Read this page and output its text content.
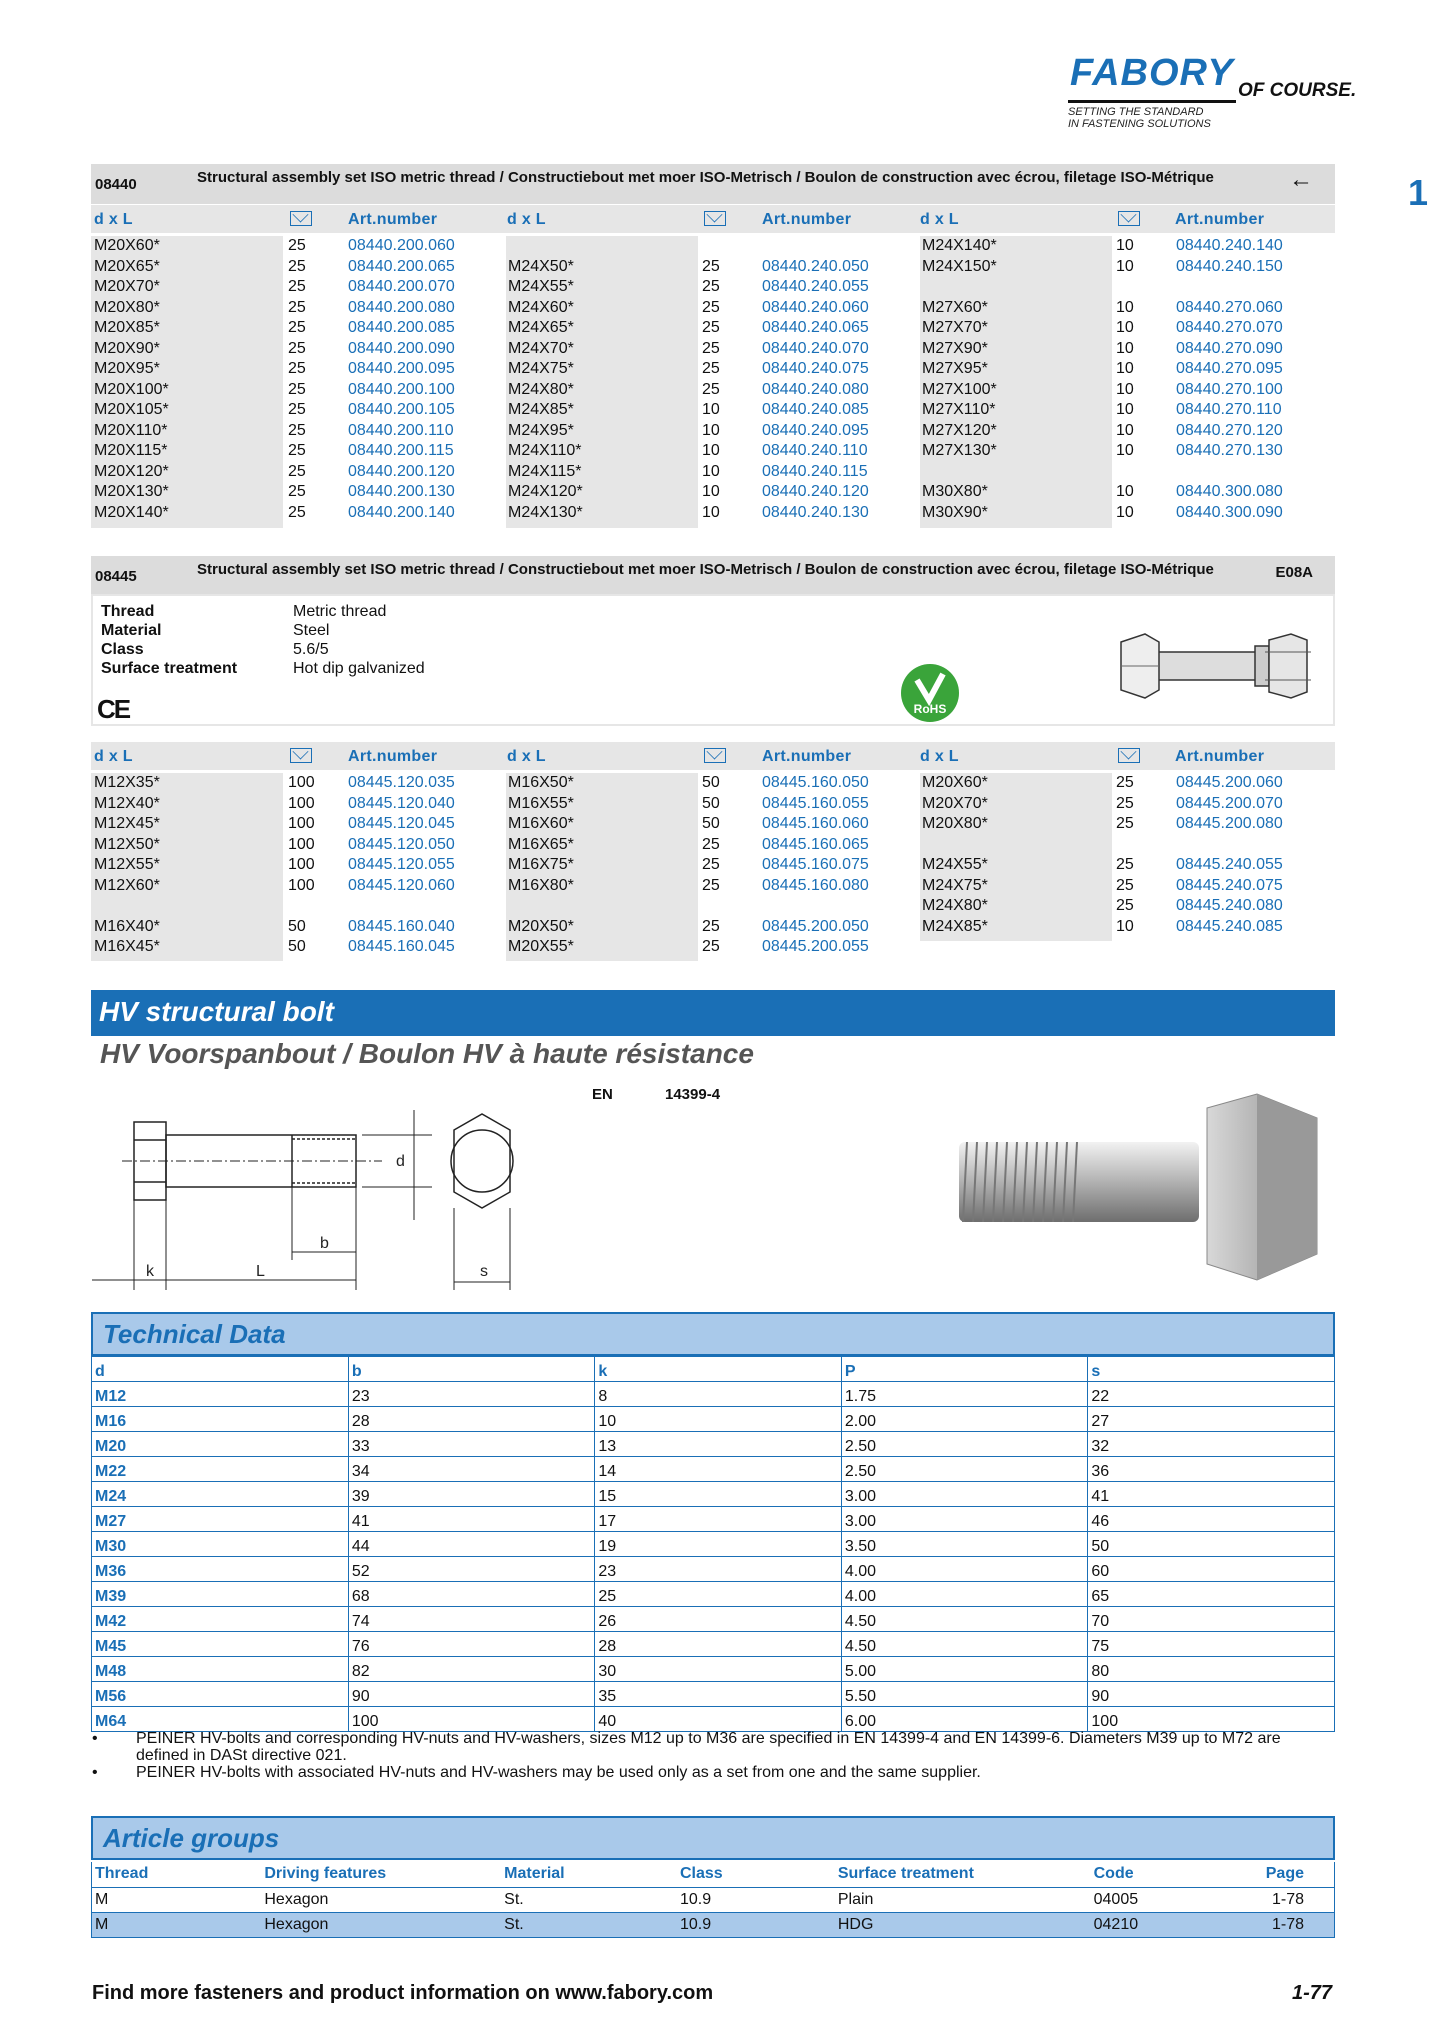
FABORY OF COURSE.
SETTING THE STANDARD
IN FASTENING SOLUTIONS
1
08440	Structural assembly set ISO metric thread / Constructiebout met moer ISO-Metrisch / Boulon de construction avec écrou, filetage ISO-Métrique	←
d x L	Art.number	d x L	Art.number	d x L	Art.number
M20X60*	25	08440.200.060
M20X65*	25	08440.200.065
M20X70*	25	08440.200.070
M20X80*	25	08440.200.080
M20X85*	25	08440.200.085
M20X90*	25	08440.200.090
M20X95*	25	08440.200.095
M20X100*	25	08440.200.100
M20X105*	25	08440.200.105
M20X110*	25	08440.200.110
M20X115*	25	08440.200.115
M20X120*	25	08440.200.120
M20X130*	25	08440.200.130
M20X140*	25	08440.200.140
M24X50*	25	08440.240.050
M24X55*	25	08440.240.055
M24X60*	25	08440.240.060
M24X65*	25	08440.240.065
M24X70*	25	08440.240.070
M24X75*	25	08440.240.075
M24X80*	25	08440.240.080
M24X85*	10	08440.240.085
M24X95*	10	08440.240.095
M24X110*	10	08440.240.110
M24X115*	10	08440.240.115
M24X120*	10	08440.240.120
M24X130*	10	08440.240.130
M24X140*	10	08440.240.140
M24X150*	10	08440.240.150
M27X60*	10	08440.270.060
M27X70*	10	08440.270.070
M27X90*	10	08440.270.090
M27X95*	10	08440.270.095
M27X100*	10	08440.270.100
M27X110*	10	08440.270.110
M27X120*	10	08440.270.120
M27X130*	10	08440.270.130
M30X80*	10	08440.300.080
M30X90*	10	08440.300.090
08445	Structural assembly set ISO metric thread / Constructiebout met moer ISO-Metrisch / Boulon de construction avec écrou, filetage ISO-Métrique	E08A
Thread	Metric thread
Material	Steel
Class	5.6/5
Surface treatment	Hot dip galvanized
CE	RoHS
d x L	Art.number	d x L	Art.number	d x L	Art.number
M12X35*	100 08445.120.035
M12X40*	100 08445.120.040
M12X45*	100 08445.120.045
M12X50*	100 08445.120.050
M12X55*	100 08445.120.055
M12X60*	100 08445.120.060
M16X40*	50	08445.160.040
M16X45*	50	08445.160.045
M16X50*	50	08445.160.050
M16X55*	50	08445.160.055
M16X60*	50	08445.160.060
M16X65*	25	08445.160.065
M16X75*	25	08445.160.075
M16X80*	25	08445.160.080
M20X50*	25	08445.200.050
M20X55*	25	08445.200.055
M20X60*	25	08445.200.060
M20X70*	25	08445.200.070
M20X80*	25	08445.200.080
M24X55*	25	08445.240.055
M24X75*	25	08445.240.075
M24X80*	25	08445.240.080
M24X85*	10	08445.240.085
HV structural bolt
HV Voorspanbout / Boulon HV à haute résistance
EN	14399-4
k	L
b
d
s
Technical Data
d	b	k	P	s
M12	23	8	1.75	22
M16	28	10	2.00	27
M20	33	13	2.50	32
M22	34	14	2.50	36
M24	39	15	3.00	41
M27	41	17	3.00	46
M30	44	19	3.50	50
M36	52	23	4.00	60
M39	68	25	4.00	65
M42	74	26	4.50	70
M45	76	28	4.50	75
M48	82	30	5.00	80
M56	90	35	5.50	90
M64	100	40	6.00	100
• PEINER HV-bolts and corresponding HV-nuts and HV-washers, sizes M12 up to M36 are specified in EN 14399-4 and EN 14399-6. Diameters M39 up to M72 are defined in DASt directive 021.
• PEINER HV-bolts with associated HV-nuts and HV-washers may be used only as a set from one and the same supplier.
Article groups
Thread	Driving features	Material	Class	Surface treatment	Code	Page
M	Hexagon	St.	10.9	Plain	04005	1-78
M	Hexagon	St.	10.9	HDG	04210	1-78
Find more fasteners and product information on www.fabory.com	1-77
